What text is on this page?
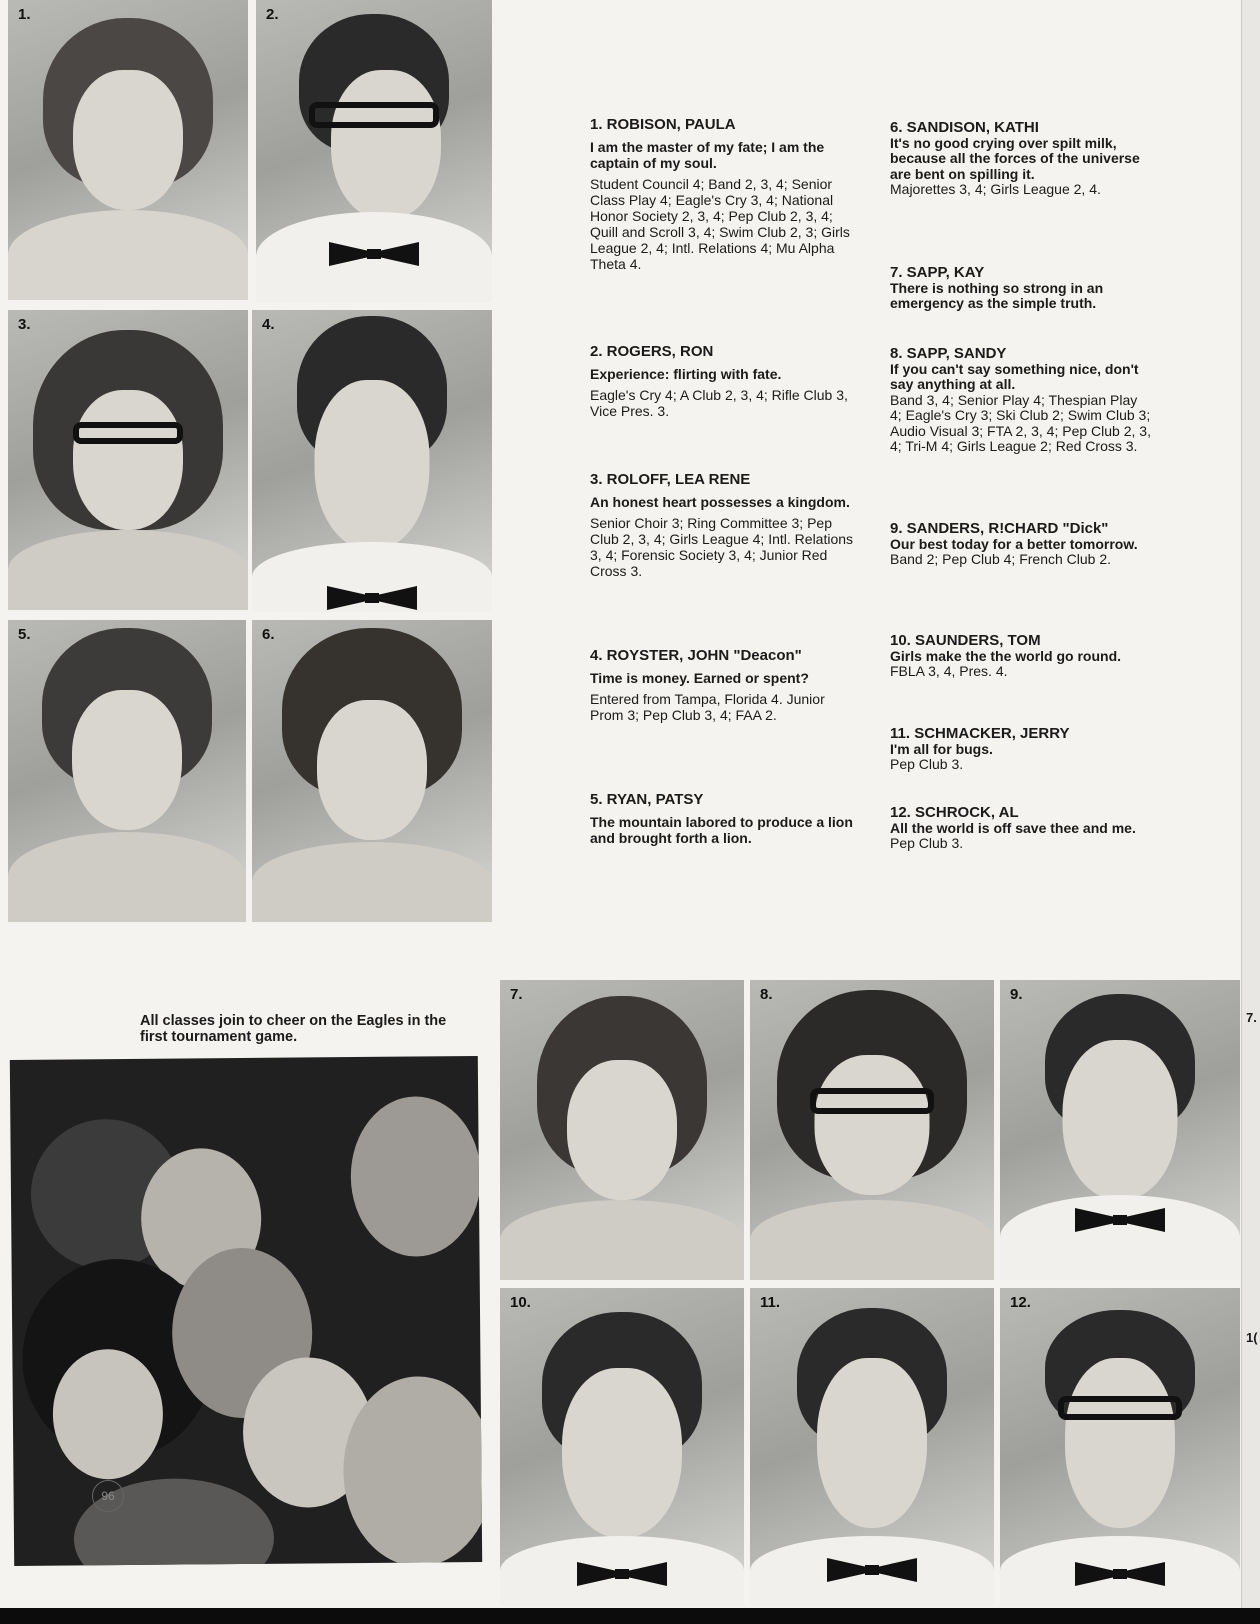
1.	2.
3.	4.
5.	6.
1. ROBISON, PAULA
I am the master of my fate; I am the captain of my soul.
Student Council 4; Band 2, 3, 4; Senior Class Play 4; Eagle's Cry 3, 4; National Honor Society 2, 3, 4; Pep Club 2, 3, 4; Quill and Scroll 3, 4; Swim Club 2, 3; Girls League 2, 4; Intl. Relations 4; Mu Alpha Theta 4.
2. ROGERS, RON
Experience: flirting with fate.
Eagle's Cry 4; A Club 2, 3, 4; Rifle Club 3, Vice Pres. 3.
3. ROLOFF, LEA RENE
An honest heart possesses a kingdom.
Senior Choir 3; Ring Committee 3; Pep Club 2, 3, 4; Girls League 4; Intl. Relations 3, 4; Forensic Society 3, 4; Junior Red Cross 3.
4. ROYSTER, JOHN "Deacon"
Time is money. Earned or spent?
Entered from Tampa, Florida 4. Junior Prom 3; Pep Club 3, 4; FAA 2.
5. RYAN, PATSY
The mountain labored to produce a lion and brought forth a lion.
6. SANDISON, KATHI
It's no good crying over spilt milk, because all the forces of the universe are bent on spilling it.
Majorettes 3, 4; Girls League 2, 4.
7. SAPP, KAY
There is nothing so strong in an emergency as the simple truth.
8. SAPP, SANDY
If you can't say something nice, don't say anything at all.
Band 3, 4; Senior Play 4; Thespian Play 4; Eagle's Cry 3; Ski Club 2; Swim Club 3; Audio Visual 3; FTA 2, 3, 4; Pep Club 2, 3, 4; Tri-M 4; Girls League 2; Red Cross 3.
9. SANDERS, R!CHARD "Dick"
Our best today for a better tomorrow.
Band 2; Pep Club 4; French Club 2.
10. SAUNDERS, TOM
Girls make the the world go round.
FBLA 3, 4, Pres. 4.
11. SCHMACKER, JERRY
I'm all for bugs.
Pep Club 3.
12. SCHROCK, AL
All the world is off save thee and me.
Pep Club 3.
All classes join to cheer on the Eagles in the first tournament game.
96
7.	8.	9.
10.	11.	12.
7.
1(
